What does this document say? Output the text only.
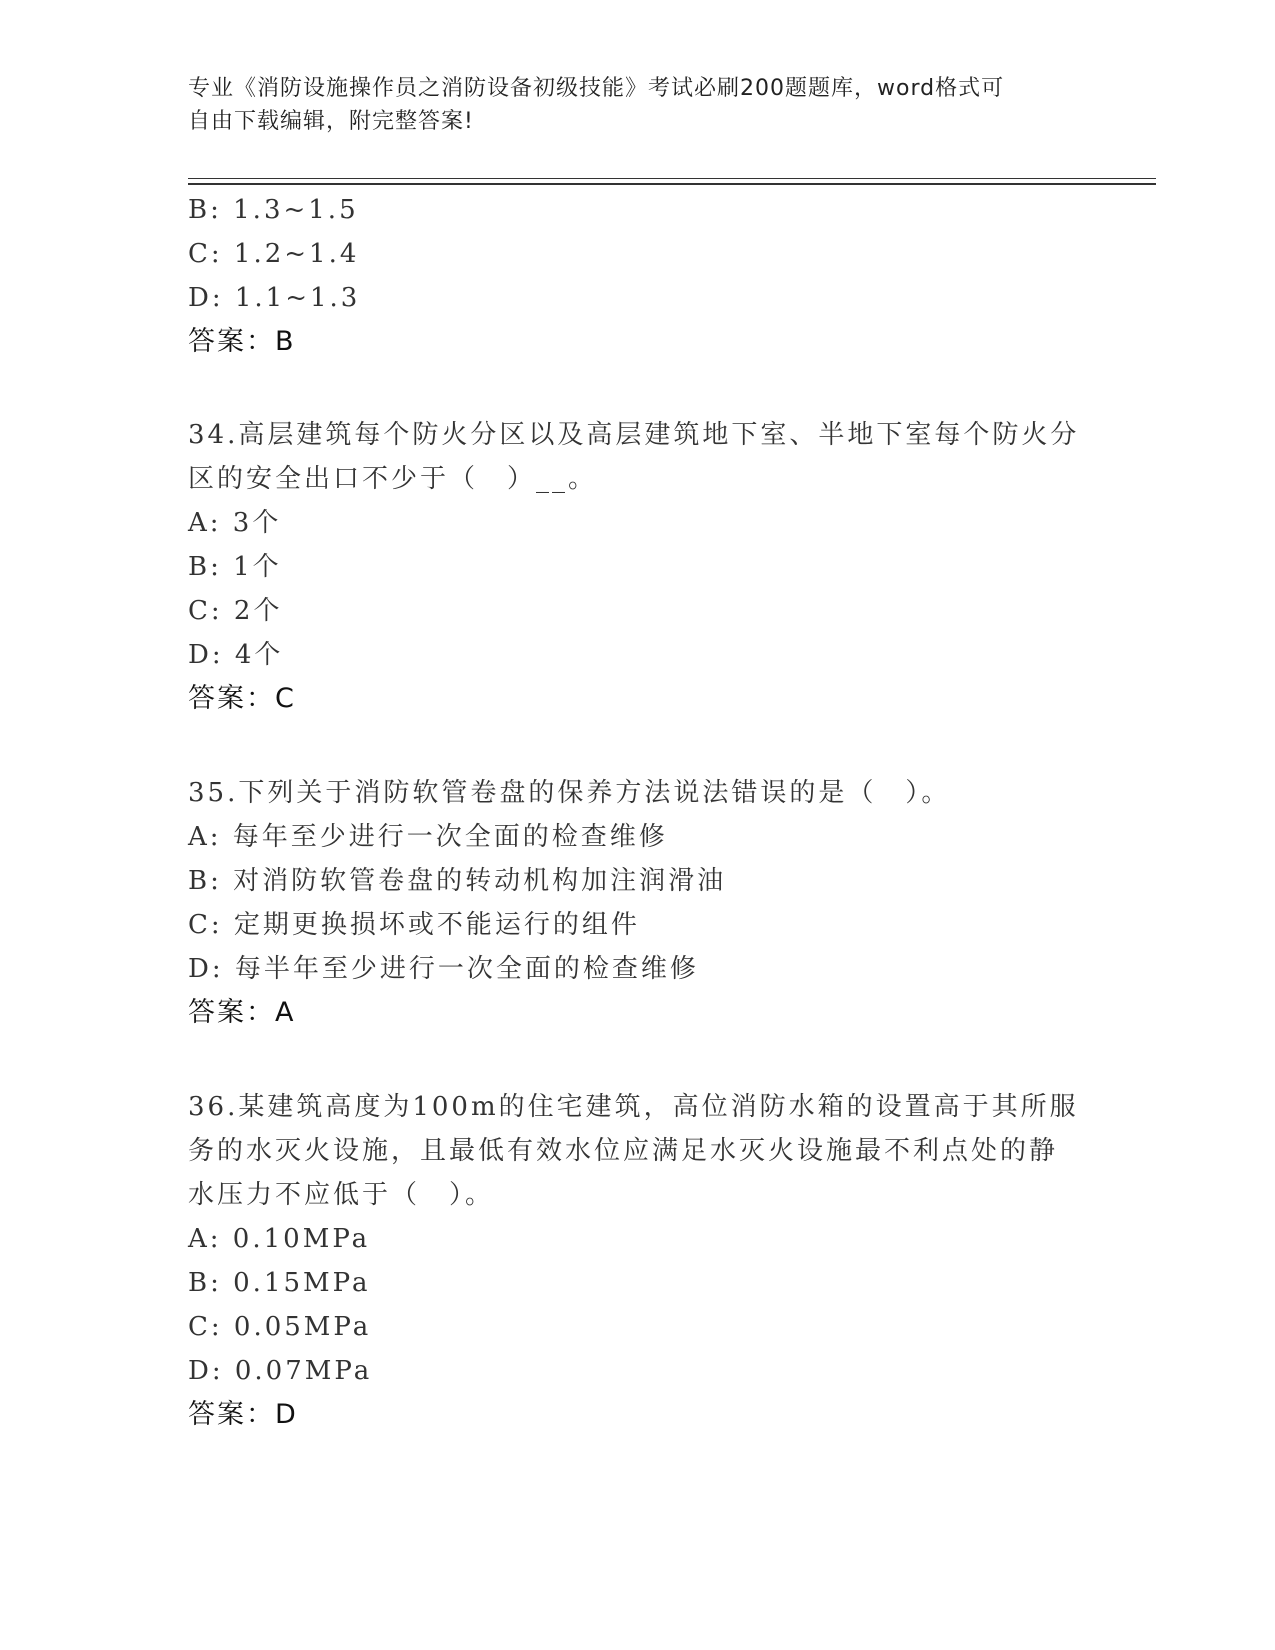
专业《消防设施操作员之消防设备初级技能》考试必刷200题题库，word格式可
自由下载编辑，附完整答案!
B: 1.3~1.5
C: 1.2~1.4
D: 1.1~1.3
答案：B
34.高层建筑每个防火分区以及高层建筑地下室、半地下室每个防火分
区的安全出口不少于（　）__。
A: 3个
B: 1个
C: 2个
D: 4个
答案：C
35.下列关于消防软管卷盘的保养方法说法错误的是（　）。
A: 每年至少进行一次全面的检查维修
B: 对消防软管卷盘的转动机构加注润滑油
C: 定期更换损坏或不能运行的组件
D: 每半年至少进行一次全面的检查维修
答案：A
36.某建筑高度为100m的住宅建筑，高位消防水箱的设置高于其所服
务的水灭火设施，且最低有效水位应满足水灭火设施最不利点处的静
水压力不应低于（　）。
A: 0.10MPa
B: 0.15MPa
C: 0.05MPa
D: 0.07MPa
答案：D
